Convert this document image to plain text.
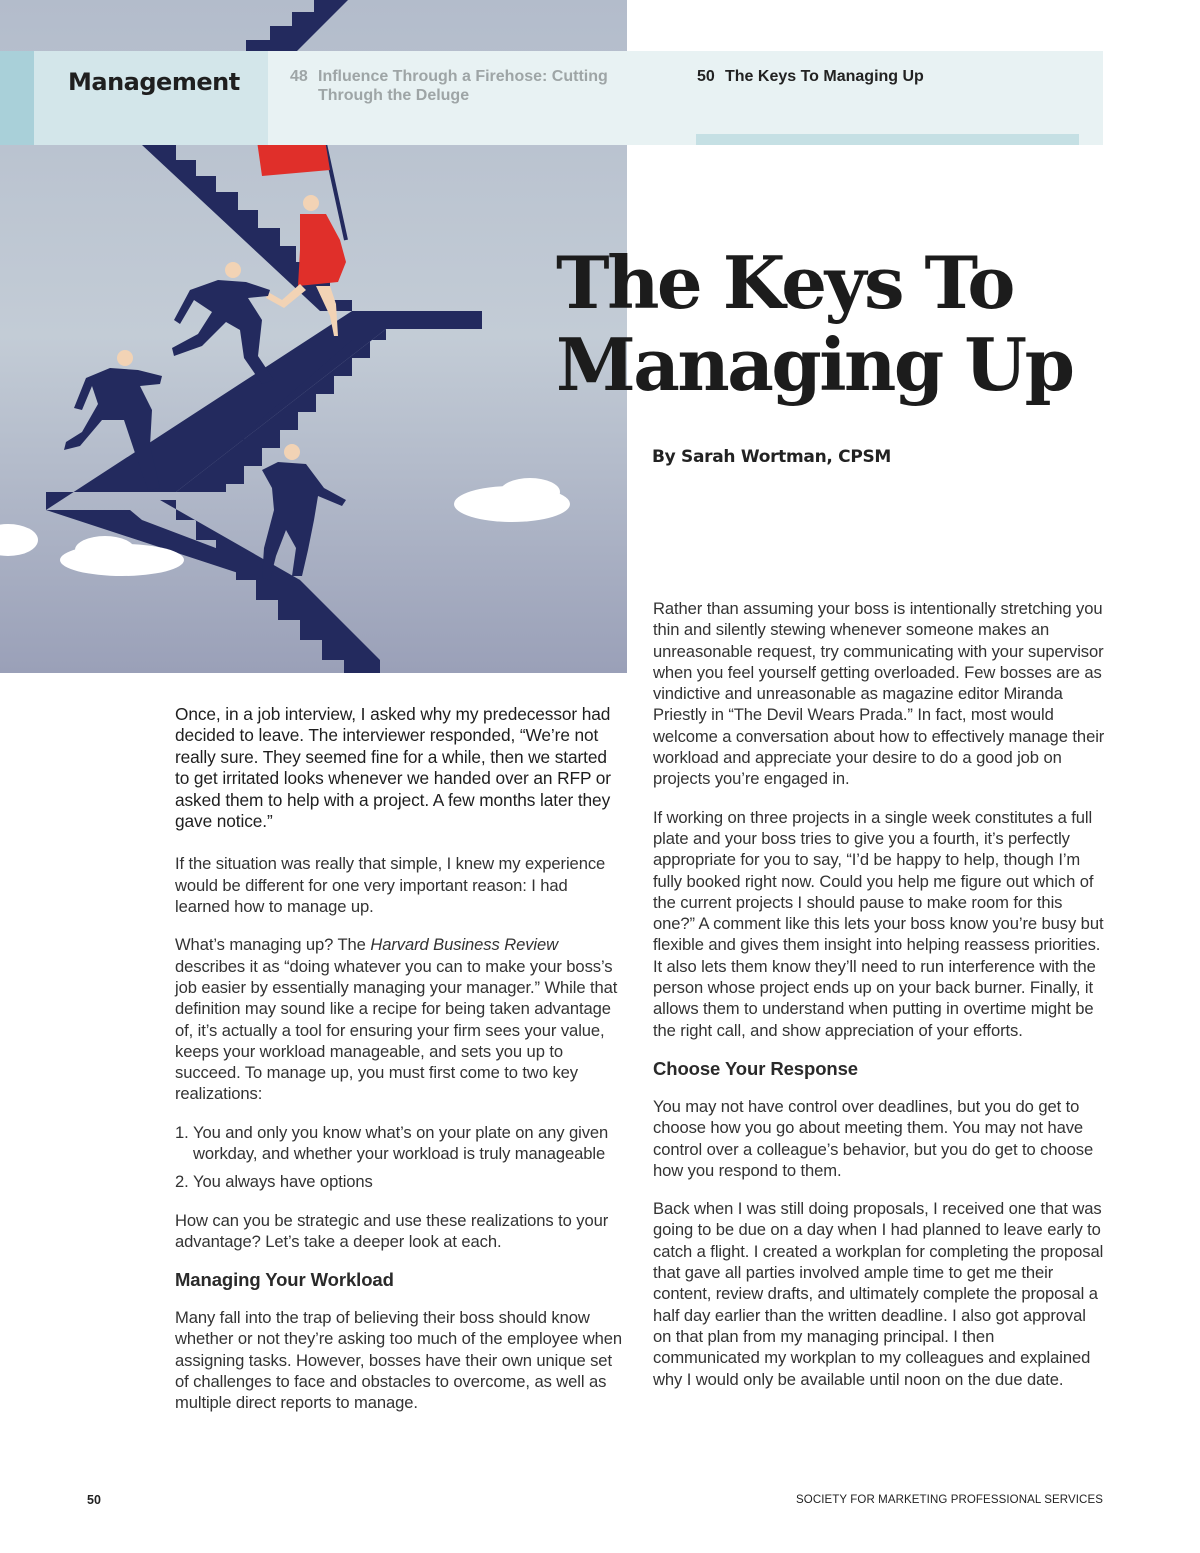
Management	48 Influence Through a Firehose: Cutting Through the Deluge
50 The Keys To Managing Up
The Keys To
Managing Up

By Sarah Wortman, CPSM

Once, in a job interview, I asked why my predecessor had decided to leave. The interviewer responded, “We’re not really sure. They seemed fine for a while, then we started to get irritated looks whenever we handed over an RFP or asked them to help with a project. A few months later they gave notice.”

If the situation was really that simple, I knew my experience would be different for one very important reason: I had learned how to manage up.

What’s managing up? The Harvard Business Review describes it as “doing whatever you can to make your boss’s job easier by essentially managing your manager.” While that definition may sound like a recipe for being taken advantage of, it’s actually a tool for ensuring your firm sees your value, keeps your workload manageable, and sets you up to succeed. To manage up, you must first come to two key realizations:

1. You and only you know what’s on your plate on any given workday, and whether your workload is truly manageable
2. You always have options

How can you be strategic and use these realizations to your advantage? Let’s take a deeper look at each.

Managing Your Workload

Many fall into the trap of believing their boss should know whether or not they’re asking too much of the employee when assigning tasks. However, bosses have their own unique set of challenges to face and obstacles to overcome, as well as multiple direct reports to manage.

Rather than assuming your boss is intentionally stretching you thin and silently stewing whenever someone makes an unreasonable request, try communicating with your supervisor when you feel yourself getting overloaded. Few bosses are as vindictive and unreasonable as magazine editor Miranda Priestly in “The Devil Wears Prada.” In fact, most would welcome a conversation about how to effectively manage their workload and appreciate your desire to do a good job on projects you’re engaged in.

If working on three projects in a single week constitutes a full plate and your boss tries to give you a fourth, it’s perfectly appropriate for you to say, “I’d be happy to help, though I’m fully booked right now. Could you help me figure out which of the current projects I should pause to make room for this one?” A comment like this lets your boss know you’re busy but flexible and gives them insight into helping reassess priorities. It also lets them know they’ll need to run interference with the person whose project ends up on your back burner. Finally, it allows them to understand when putting in overtime might be the right call, and show appreciation of your efforts.

Choose Your Response

You may not have control over deadlines, but you do get to choose how you go about meeting them. You may not have control over a colleague’s behavior, but you do get to choose how you respond to them.

Back when I was still doing proposals, I received one that was going to be due on a day when I had planned to leave early to catch a flight. I created a workplan for completing the proposal that gave all parties involved ample time to get me their content, review drafts, and ultimately complete the proposal a half day earlier than the written deadline. I also got approval on that plan from my managing principal. I then communicated my workplan to my colleagues and explained why I would only be available until noon on the due date.

50	SOCIETY FOR MARKETING PROFESSIONAL SERVICES
